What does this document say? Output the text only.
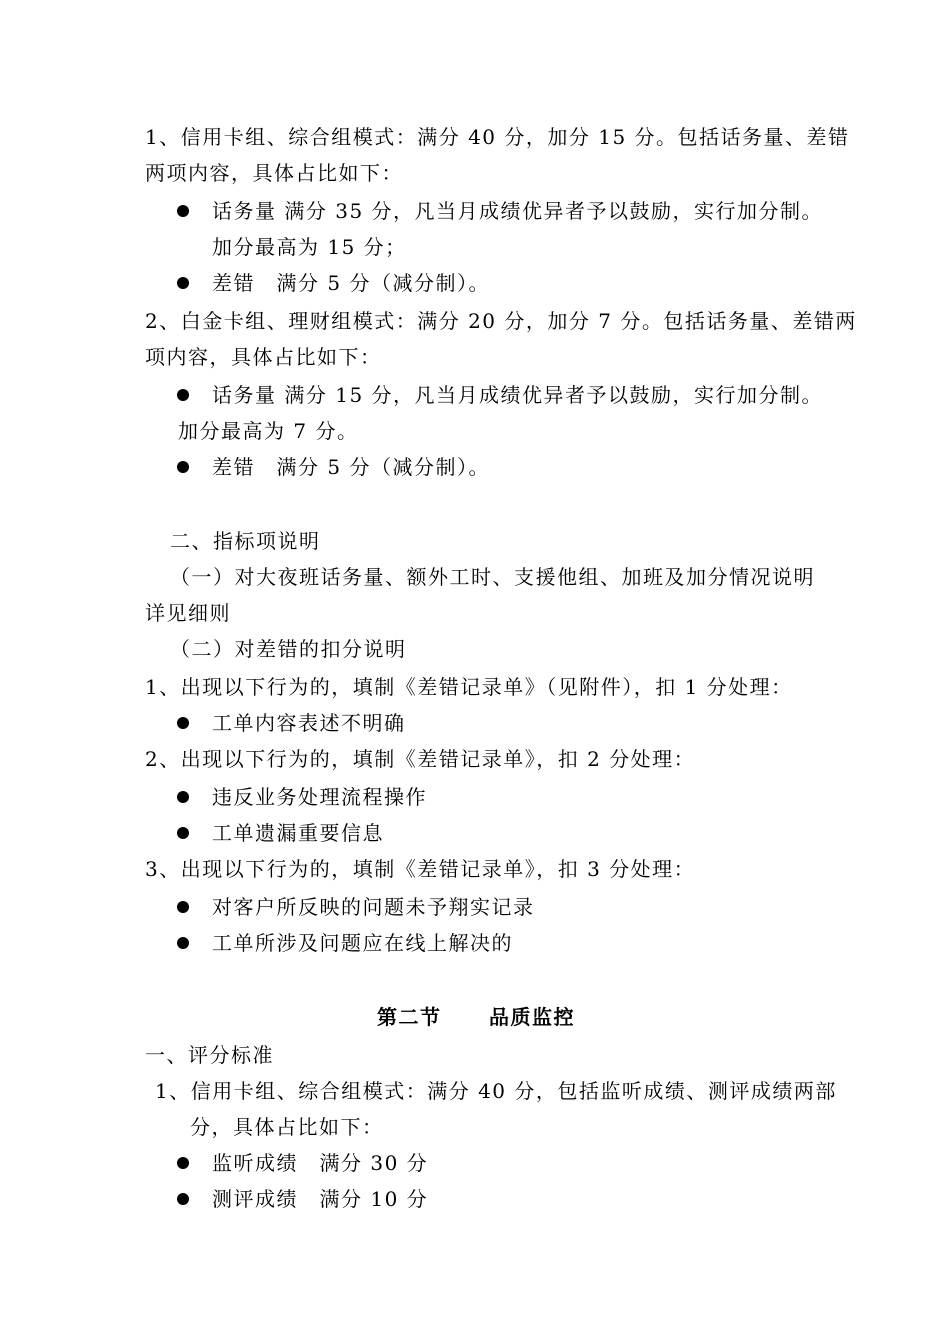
1、信用卡组、综合组模式：满分 40 分，加分 15 分。包括话务量、差错
两项内容，具体占比如下：
话务量 满分 35 分，凡当月成绩优异者予以鼓励，实行加分制。
加分最高为 15 分；
差错　满分 5 分（减分制）。
2、白金卡组、理财组模式：满分 20 分，加分 7 分。包括话务量、差错两
项内容，具体占比如下：
话务量 满分 15 分，凡当月成绩优异者予以鼓励，实行加分制。
加分最高为 7 分。
差错　满分 5 分（减分制）。
二、指标项说明
（一）对大夜班话务量、额外工时、支援他组、加班及加分情况说明
详见细则
（二）对差错的扣分说明
1、出现以下行为的，填制《差错记录单》（见附件），扣 1 分处理：
工单内容表述不明确
2、出现以下行为的，填制《差错记录单》，扣 2 分处理：
违反业务处理流程操作
工单遗漏重要信息
3、出现以下行为的，填制《差错记录单》，扣 3 分处理：
对客户所反映的问题未予翔实记录
工单所涉及问题应在线上解决的
第二节 品质监控
一、评分标准
1、信用卡组、综合组模式：满分 40 分，包括监听成绩、测评成绩两部
分，具体占比如下：
监听成绩　满分 30 分
测评成绩　满分 10 分
